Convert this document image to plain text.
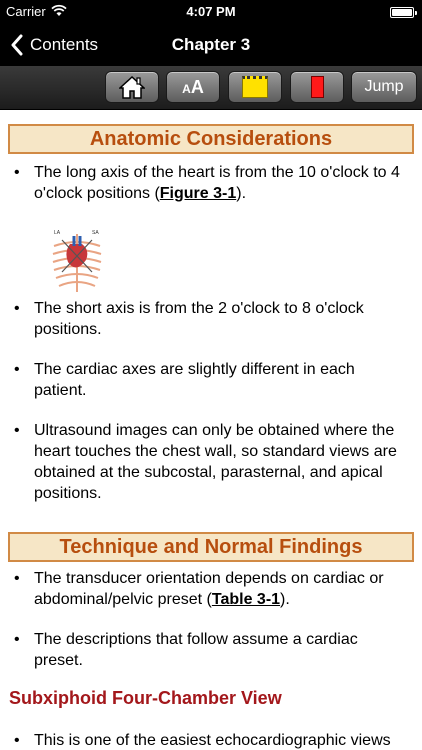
Carrier	4:07 PM
Contents	Chapter 3
AA	Jump
Anatomic Considerations
• The long axis of the heart is from the 10 o'clock to 4 o'clock positions (Figure 3-1).
LA	SA
• The short axis is from the 2 o'clock to 8 o'clock positions.
• The cardiac axes are slightly different in each patient.
• Ultrasound images can only be obtained where the heart touches the chest wall, so standard views are obtained at the subcostal, parasternal, and apical positions.
Technique and Normal Findings
• The transducer orientation depends on cardiac or abdominal/pelvic preset (Table 3-1).
• The descriptions that follow assume a cardiac preset.
Subxiphoid Four-Chamber View
• This is one of the easiest echocardiographic views
